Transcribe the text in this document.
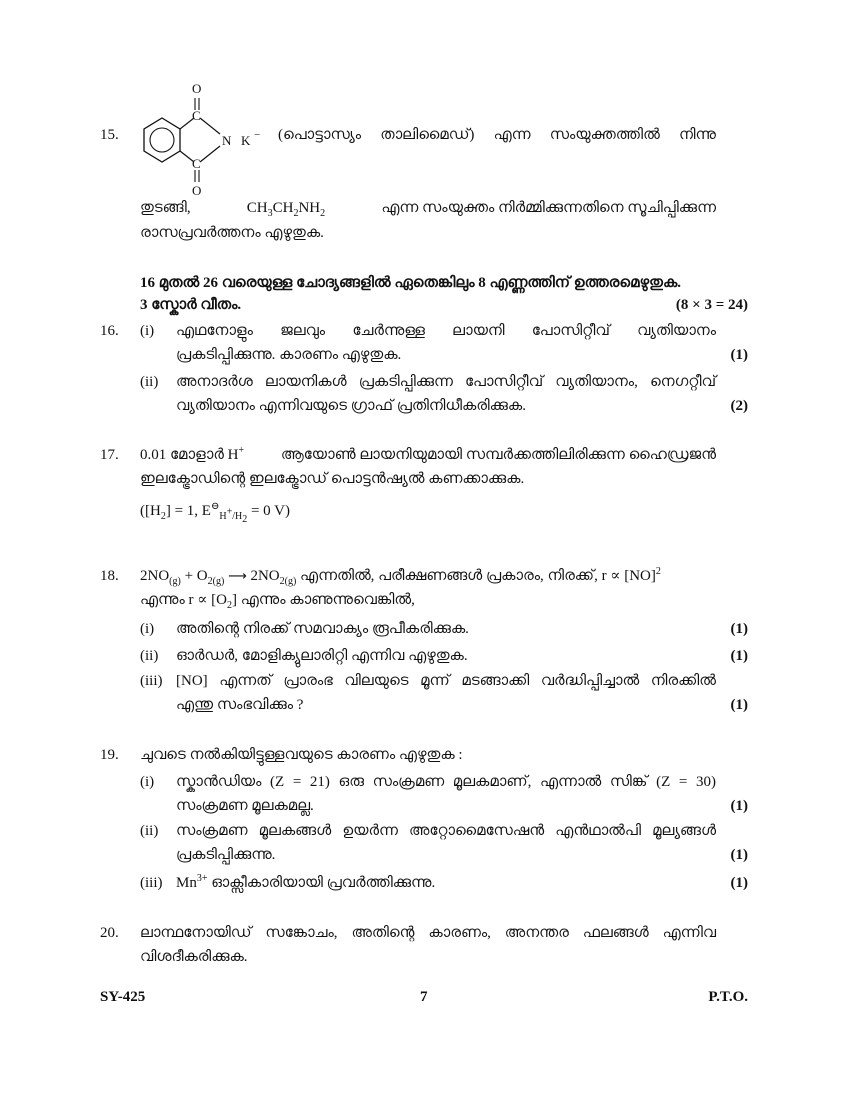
15.
O
C
N K −
C
O
(പൊട്ടാസ്യം താലിമൈഡ്) എന്ന സംയുക്തത്തിൽ നിന്നു
തുടങ്ങി,	$CH_3CH_2NH_2$	എന്ന സംയുക്തം നിർമ്മിക്കുന്നതിനെ സൂചിപ്പിക്കുന്ന
രാസപ്രവർത്തനം എഴുതുക.
16 മുതൽ 26 വരെയുള്ള ചോദ്യങ്ങളിൽ ഏതെങ്കിലും 8 എണ്ണത്തിന് ഉത്തരമെഴുതുക.
3 സ്കോർ വീതം.	(8 × 3 = 24)
16. (i) എഥനോളും ജലവും ചേർന്നുള്ള ലായനി പോസിറ്റീവ് വ്യതിയാനം
പ്രകടിപ്പിക്കുന്നു. കാരണം എഴുതുക.	(1)
(ii) അനാദർശ ലായനികൾ പ്രകടിപ്പിക്കുന്ന പോസിറ്റീവ് വ്യതിയാനം, നെഗറ്റീവ്
വ്യതിയാനം എന്നിവയുടെ ഗ്രാഫ് പ്രതിനിധീകരിക്കുക.	(2)
17. 0.01 മോളാർ H+ ആയോൺ ലായനിയുമായി സമ്പർക്കത്തിലിരിക്കുന്ന ഹൈഡ്രജൻ
ഇലക്ട്രോഡിന്റെ ഇലക്ട്രോഡ് പൊട്ടൻഷ്യൽ കണക്കാക്കുക.
($[H_2] = 1$, $E^⊖_{H^+/H_2} = 0$ V)
18. $2NO_{(g)} + O_{2(g)}$ ⟶ $2NO_{2(g)}$ എന്നതിൽ, പരീക്ഷണങ്ങൾ പ്രകാരം, നിരക്ക്, r ∝ [NO]$^2$
എന്നും $r \propto [O_2]$ എന്നും കാണുന്നുവെങ്കിൽ,
(i) അതിന്റെ നിരക്ക് സമവാക്യം രൂപീകരിക്കുക.	(1)
(ii) ഓർഡർ, മോളിക്യുലാരിറ്റി എന്നിവ എഴുതുക.	(1)
(iii) [NO] എന്നത് പ്രാരംഭ വിലയുടെ മൂന്ന് മടങ്ങാക്കി വർദ്ധിപ്പിച്ചാൽ നിരക്കിൽ
എന്തു സംഭവിക്കും ?	(1)
19. ചുവടെ നൽകിയിട്ടുള്ളവയുടെ കാരണം എഴുതുക :
(i) സ്കാൻഡിയം (Z = 21) ഒരു സംക്രമണ മൂലകമാണ്, എന്നാൽ സിങ്ക് (Z = 30)
സംക്രമണ മൂലകമല്ല.	(1)
(ii) സംക്രമണ മൂലകങ്ങൾ ഉയർന്ന അറ്റോമൈസേഷൻ എൻഥാൽപി മൂല്യങ്ങൾ
പ്രകടിപ്പിക്കുന്നു.	(1)
(iii) $Mn^{3+}$ ഓക്സീകാരിയായി പ്രവർത്തിക്കുന്നു.	(1)
20. ലാന്ഥനോയിഡ് സങ്കോചം, അതിന്റെ കാരണം, അനന്തര ഫലങ്ങൾ എന്നിവ
വിശദീകരിക്കുക.
SY-425	7	P.T.O.
